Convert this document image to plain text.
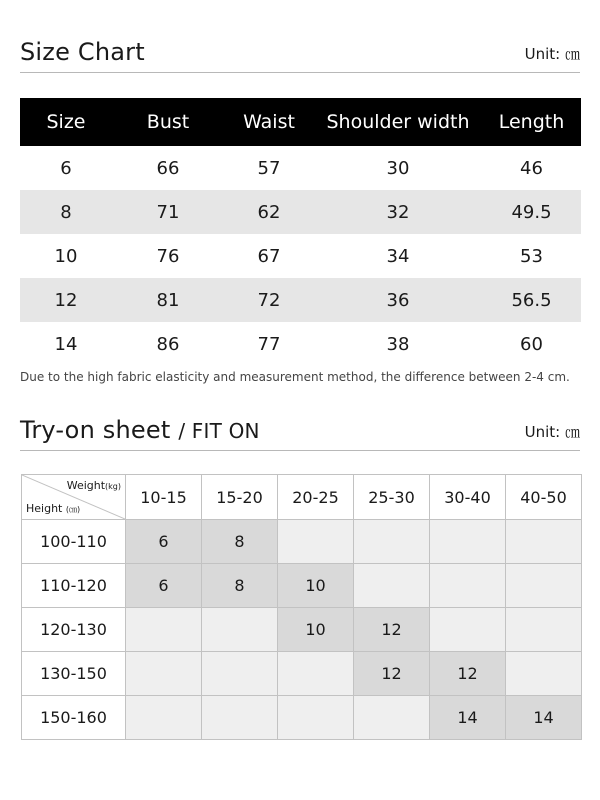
Size Chart	Unit: ㎝
Size	Bust	Waist	Shoulder width	Length
6	66	57	30	46
8	71	62	32	49.5
10	76	67	34	53
12	81	72	36	56.5
14	86	77	38	60
Due to the high fabric elasticity and measurement method, the difference between 2-4 cm.
Try-on sheet / FIT ON	Unit: ㎝
Weight(kg)
Height (㎝)	10-15	15-20	20-25	25-30	30-40	40-50
100-110	6	8				
110-120	6	8	10			
120-130			10	12		
130-150				12	12	
150-160					14	14
